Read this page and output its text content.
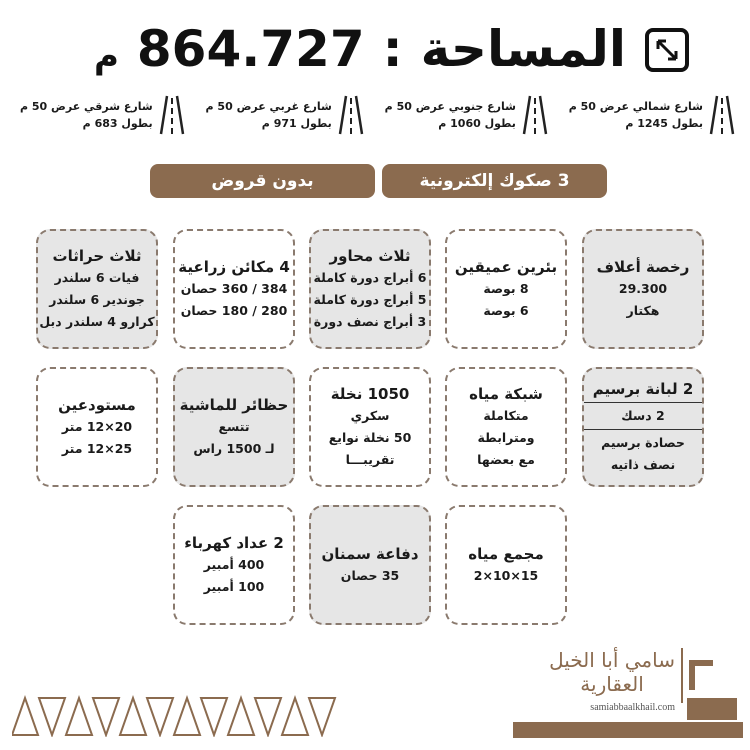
المساحة
:
864.727
م
شارع شمالي عرض 50 م
بطول 1245 م
شارع جنوبي عرض 50 م
بطول 1060 م
شارع غربي عرض 50 م
بطول 971 م
شارع شرقي عرض 50 م
بطول 683 م
3 صكوك إلكترونية
بدون قروض
رخصة أعلاف
29.300
هكتار
بئرين عميقين
8 بوصة
6 بوصة
ثلاث محاور
6 أبراج دورة كاملة
5 أبراج دورة كاملة
3 أبراج نصف دورة
4 مكائن زراعية
384 / 360 حصان
280 / 180 حصان
ثلاث حراثات
فيات 6 سلندر
جوندير 6 سلندر
كرارو 4 سلندر دبل
2 لبانة برسيم
2 دسك
حصادة برسيم نصف ذاتيه
شبكة مياه
متكاملة
ومترابطة
مع بعضها
1050 نخلة
سكري
50 نخلة نوايع
تقريبـــا
حظائر للماشية
تتسع
لـ 1500 راس
مستودعين
20×12 متر
25×12 متر
مجمع مياه
15×10×2
دفاعة سمنان
35 حصان
2 عداد كهرباء
400 أمبير
100 أمبير
سامي أبا الخيل
العقارية
samiabbaalkhail.com
